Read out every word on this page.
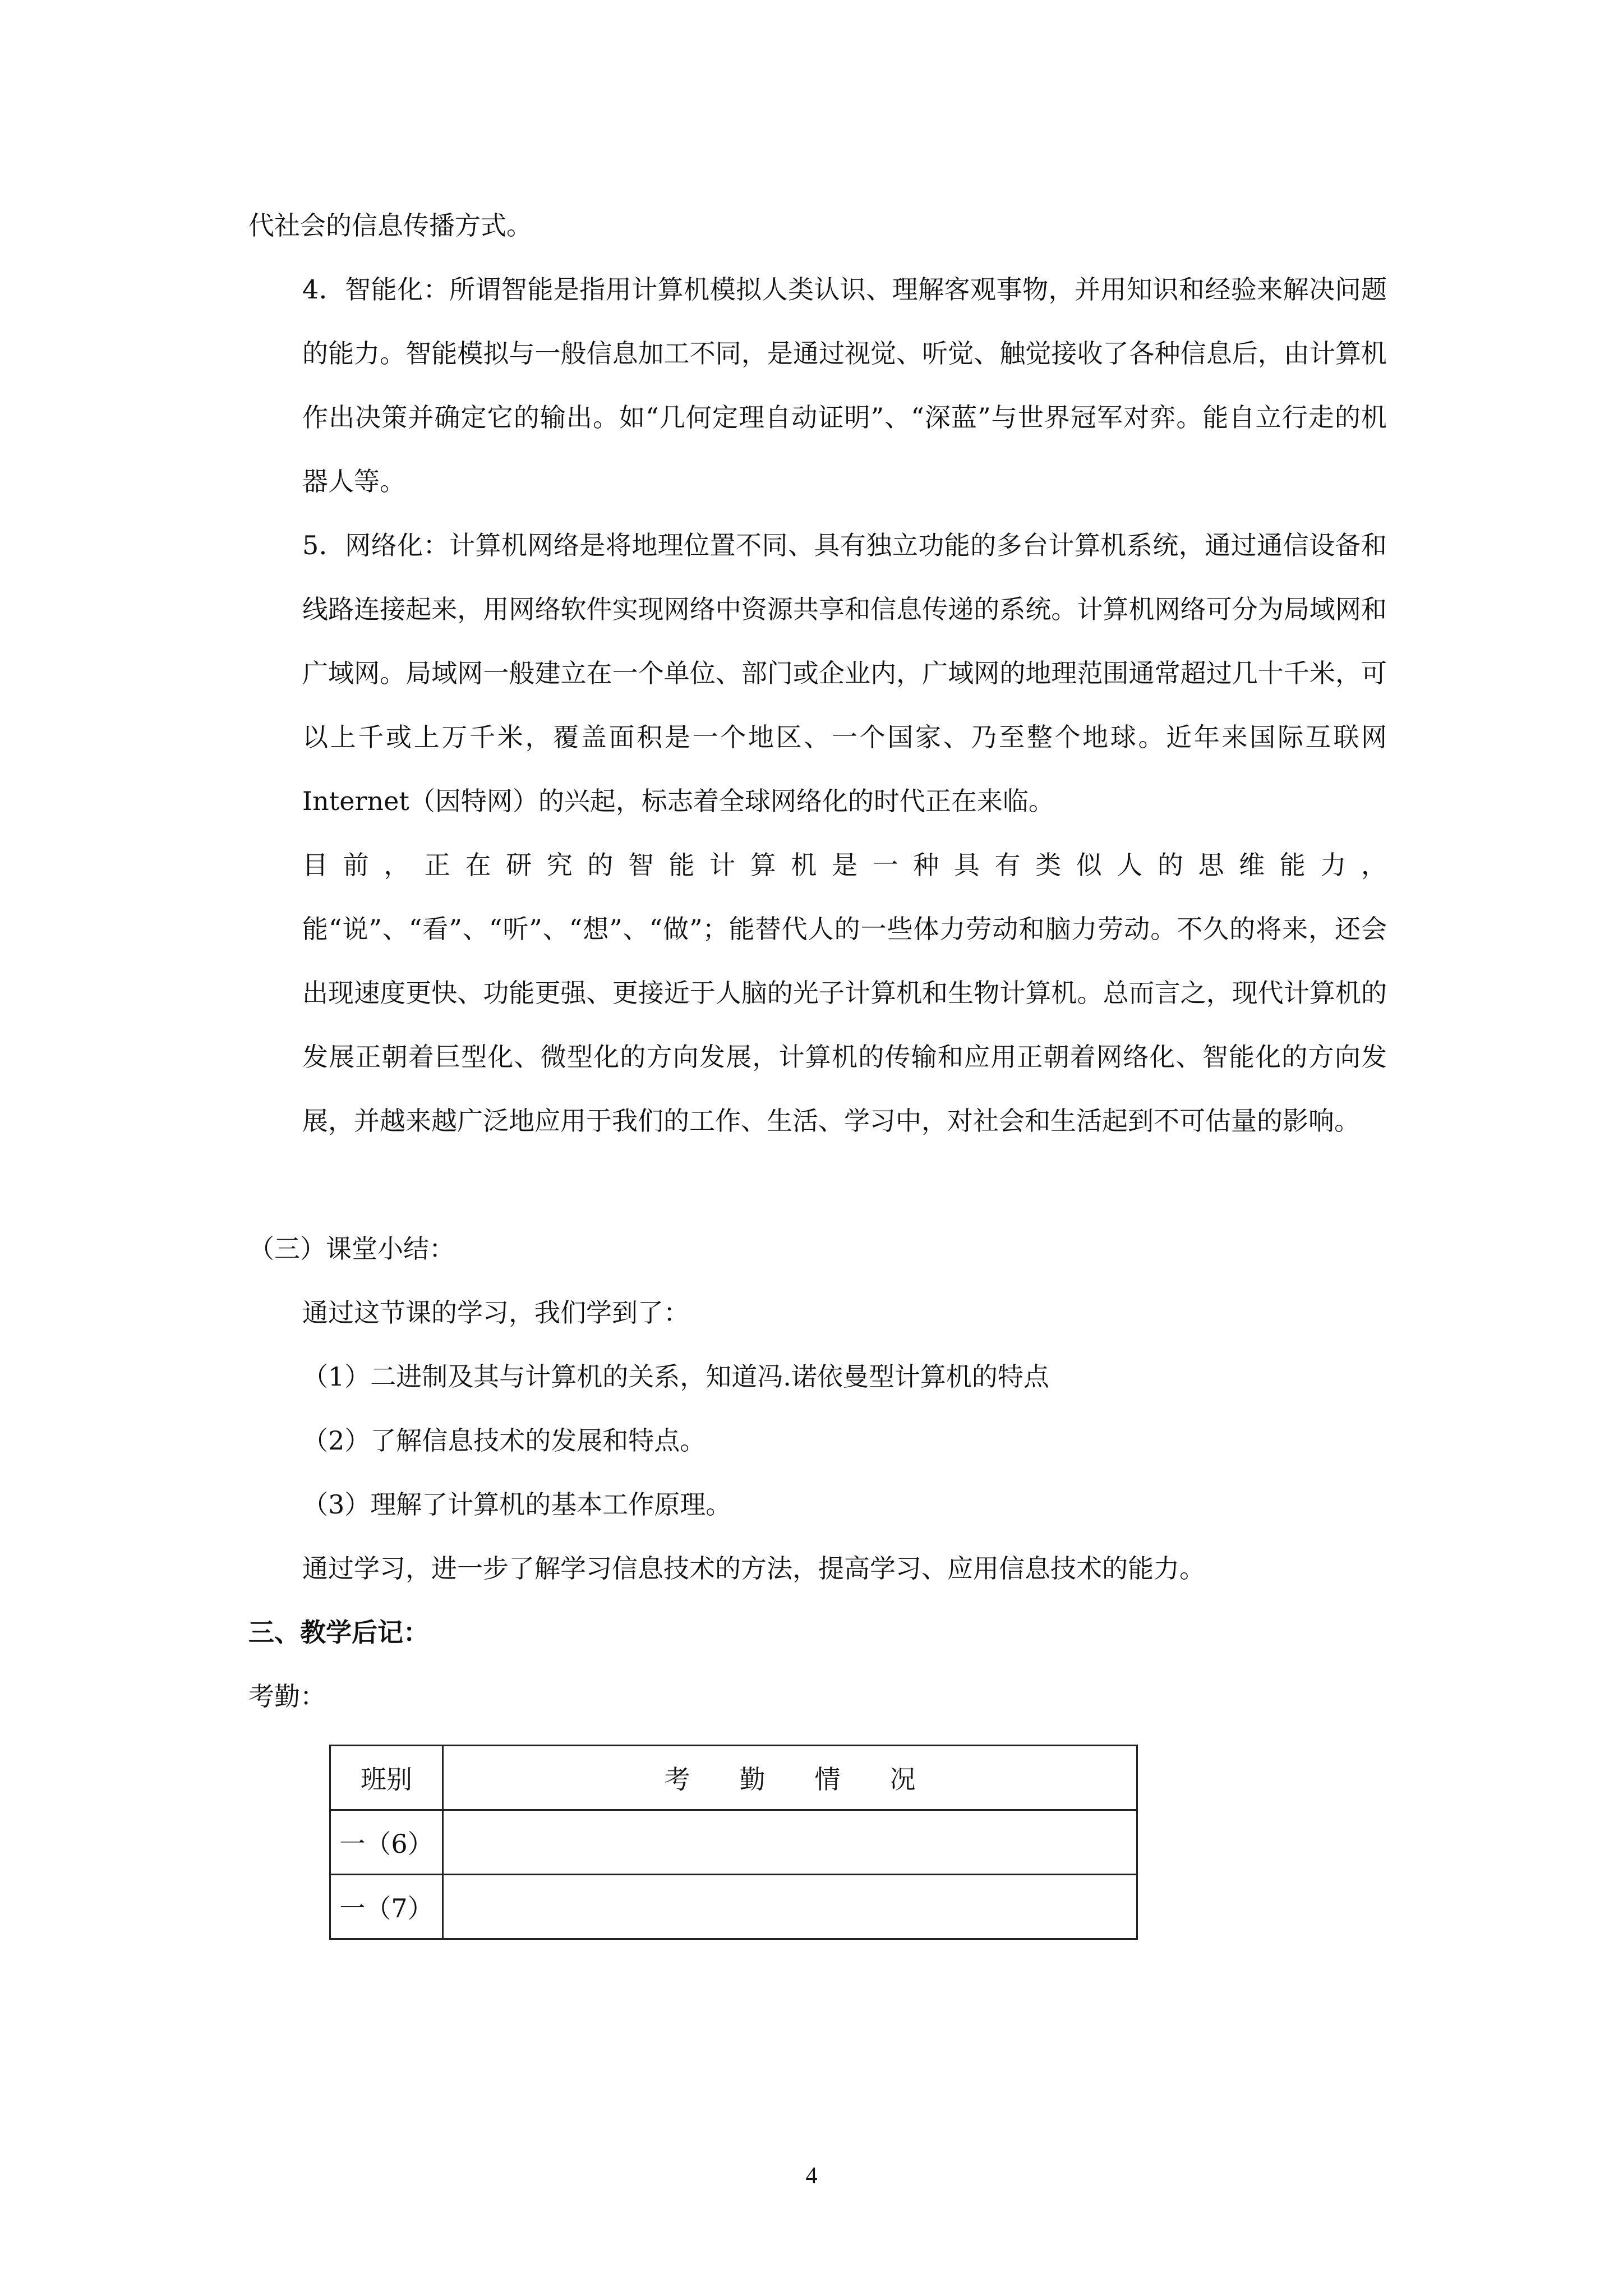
代社会的信息传播方式。

4．智能化：所谓智能是指用计算机模拟人类认识、理解客观事物，并用知识和经验来解决问题的能力。智能模拟与一般信息加工不同，是通过视觉、听觉、触觉接收了各种信息后，由计算机作出决策并确定它的输出。如“几何定理自动证明”、“深蓝”与世界冠军对弈。能自立行走的机器人等。

5．网络化：计算机网络是将地理位置不同、具有独立功能的多台计算机系统，通过通信设备和线路连接起来，用网络软件实现网络中资源共享和信息传递的系统。计算机网络可分为局域网和广域网。局域网一般建立在一个单位、部门或企业内，广域网的地理范围通常超过几十千米，可以上千或上万千米，覆盖面积是一个地区、一个国家、乃至整个地球。近年来国际互联网 Internet（因特网）的兴起，标志着全球网络化的时代正在来临。

目前，正在研究的智能计算机是一种具有类似人的思维能力，能“说”、“看”、“听”、“想”、“做”；能替代人的一些体力劳动和脑力劳动。不久的将来，还会出现速度更快、功能更强、更接近于人脑的光子计算机和生物计算机。总而言之，现代计算机的发展正朝着巨型化、微型化的方向发展，计算机的传输和应用正朝着网络化、智能化的方向发展，并越来越广泛地应用于我们的工作、生活、学习中，对社会和生活起到不可估量的影响。

（三）课堂小结：

通过这节课的学习，我们学到了：

（1）二进制及其与计算机的关系，知道冯.诺依曼型计算机的特点

（2）了解信息技术的发展和特点。

（3）理解了计算机的基本工作原理。

通过学习，进一步了解学习信息技术的方法，提高学习、应用信息技术的能力。

三、教学后记：

考勤：

班别	考 勤 情 况
一（6）	
一（7）	
4
